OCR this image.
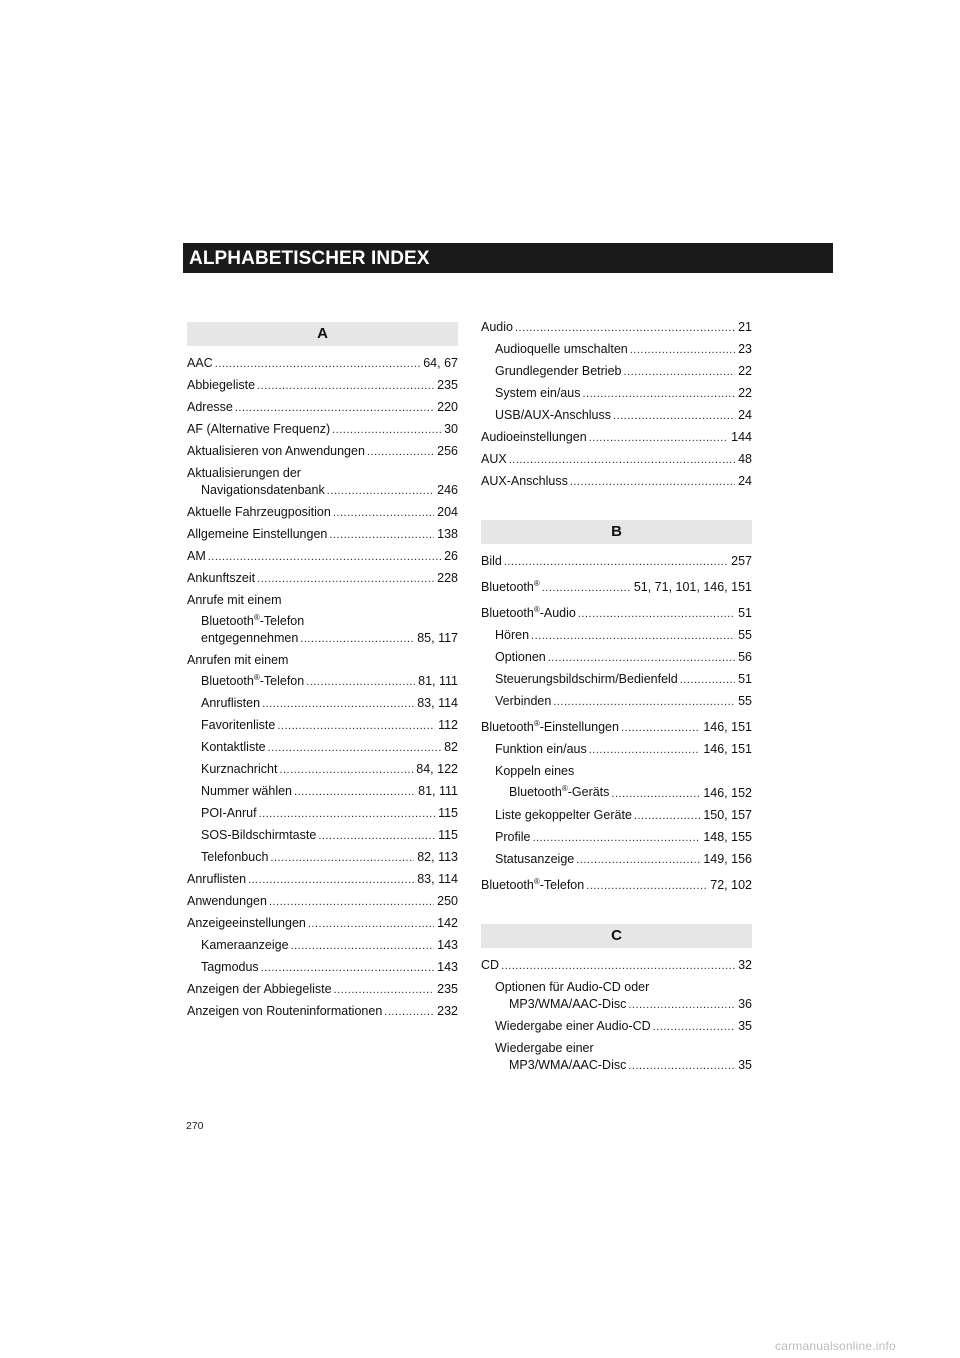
ALPHABETISCHER INDEX
A
AAC .....	64, 67
Abbiegeliste .....	235
Adresse .....	220
AF (Alternative Frequenz) .....	30
Aktualisieren von Anwendungen .....	256
Aktualisierungen der
Navigationsdatenbank .....	246
Aktuelle Fahrzeugposition .....	204
Allgemeine Einstellungen .....	138
AM .....	26
Ankunftszeit .....	228
Anrufe mit einem
Bluetooth®-Telefon
entgegennehmen .....	85, 117
Anrufen mit einem
Bluetooth®-Telefon .....	81, 111
Anruflisten .....	83, 114
Favoritenliste .....	112
Kontaktliste .....	82
Kurznachricht .....	84, 122
Nummer wählen .....	81, 111
POI-Anruf .....	115
SOS-Bildschirmtaste .....	115
Telefonbuch .....	82, 113
Anruflisten .....	83, 114
Anwendungen .....	250
Anzeigeeinstellungen .....	142
Kameraanzeige .....	143
Tagmodus .....	143
Anzeigen der Abbiegeliste .....	235
Anzeigen von Routeninformationen .....	232
Audio .....	21
Audioquelle umschalten .....	23
Grundlegender Betrieb .....	22
System ein/aus .....	22
USB/AUX-Anschluss .....	24
Audioeinstellungen .....	144
AUX .....	48
AUX-Anschluss .....	24
B
Bild .....	257
Bluetooth® .....	51, 71, 101, 146, 151
Bluetooth®-Audio .....	51
Hören .....	55
Optionen .....	56
Steuerungsbildschirm/Bedienfeld .....	51
Verbinden .....	55
Bluetooth®-Einstellungen .....	146, 151
Funktion ein/aus .....	146, 151
Koppeln eines
Bluetooth®-Geräts .....	146, 152
Liste gekoppelter Geräte .....	150, 157
Profile .....	148, 155
Statusanzeige .....	149, 156
Bluetooth®-Telefon .....	72, 102
C
CD .....	32
Optionen für Audio-CD oder
MP3/WMA/AAC-Disc .....	36
Wiedergabe einer Audio-CD .....	35
Wiedergabe einer
MP3/WMA/AAC-Disc .....	35
270
carmanualsonline.info
